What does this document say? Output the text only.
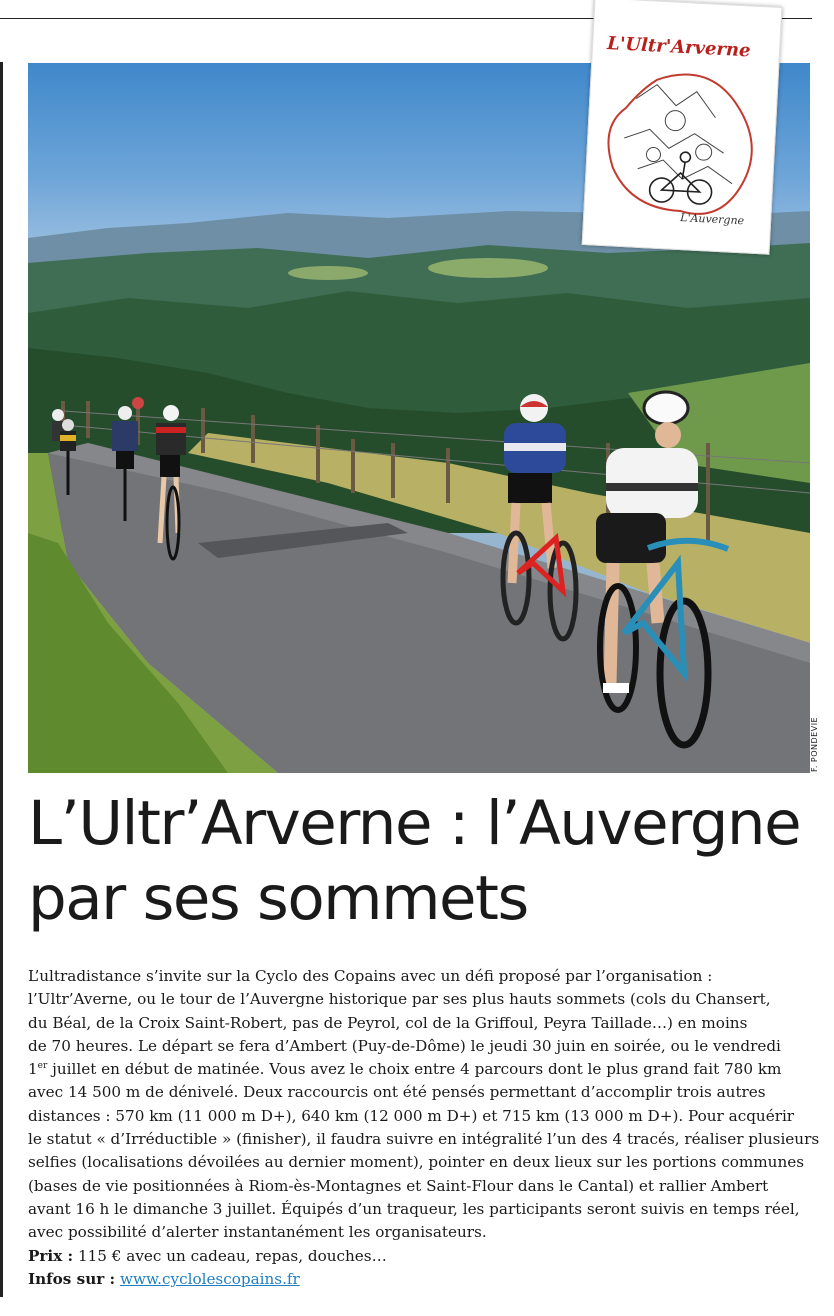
F. PONDEVIE
L'Ultr'Arverne
L'Auvergne
L’Ultr’Arverne : l’Auvergne
par ses sommets
L’ultradistance s’invite sur la Cyclo des Copains avec un défi proposé par l’organisation :
l’Ultr’Averne, ou le tour de l’Auvergne historique par ses plus hauts sommets (cols du Chansert,
du Béal, de la Croix Saint-Robert, pas de Peyrol, col de la Griffoul, Peyra Taillade…) en moins
de 70 heures. Le départ se fera d’Ambert (Puy-de-Dôme) le jeudi 30 juin en soirée, ou le vendredi
1er juillet en début de matinée. Vous avez le choix entre 4 parcours dont le plus grand fait 780 km
avec 14 500 m de dénivelé. Deux raccourcis ont été pensés permettant d’accomplir trois autres
distances : 570 km (11 000 m D+), 640 km (12 000 m D+) et 715 km (13 000 m D+). Pour acquérir
le statut « d’Irréductible » (finisher), il faudra suivre en intégralité l’un des 4 tracés, réaliser plusieurs
selfies (localisations dévoilées au dernier moment), pointer en deux lieux sur les portions communes
(bases de vie positionnées à Riom-ès-Montagnes et Saint-Flour dans le Cantal) et rallier Ambert
avant 16 h le dimanche 3 juillet. Équipés d’un traqueur, les participants seront suivis en temps réel,
avec possibilité d’alerter instantanément les organisateurs.
Prix : 115 € avec un cadeau, repas, douches…
Infos sur : www.cyclolescopains.fr
